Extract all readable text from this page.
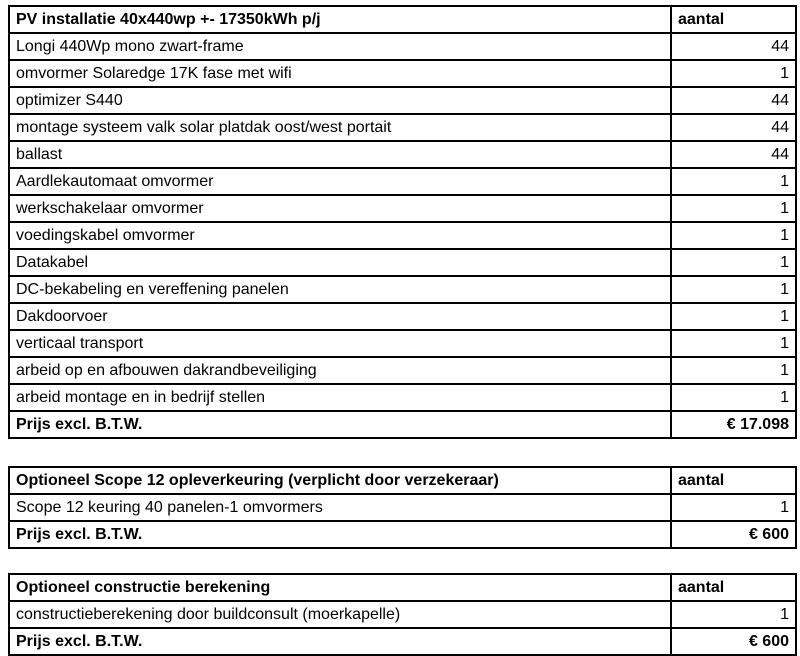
PV installatie 40x440wp +- 17350kWh p/j	aantal
Longi 440Wp mono zwart-frame	44
omvormer Solaredge 17K fase met wifi	1
optimizer S440	44
montage systeem valk solar platdak oost/west portait	44
ballast	44
Aardlekautomaat omvormer	1
werkschakelaar omvormer	1
voedingskabel omvormer	1
Datakabel	1
DC-bekabeling en vereffening panelen	1
Dakdoorvoer	1
verticaal transport	1
arbeid op en afbouwen dakrandbeveiliging	1
arbeid montage en in bedrijf stellen	1
Prijs excl. B.T.W.	€ 17.098
Optioneel Scope 12 opleverkeuring (verplicht door verzekeraar)	aantal
Scope 12 keuring 40 panelen-1 omvormers	1
Prijs excl. B.T.W.	€ 600
Optioneel constructie berekening	aantal
constructieberekening door buildconsult (moerkapelle)	1
Prijs excl. B.T.W.	€ 600
